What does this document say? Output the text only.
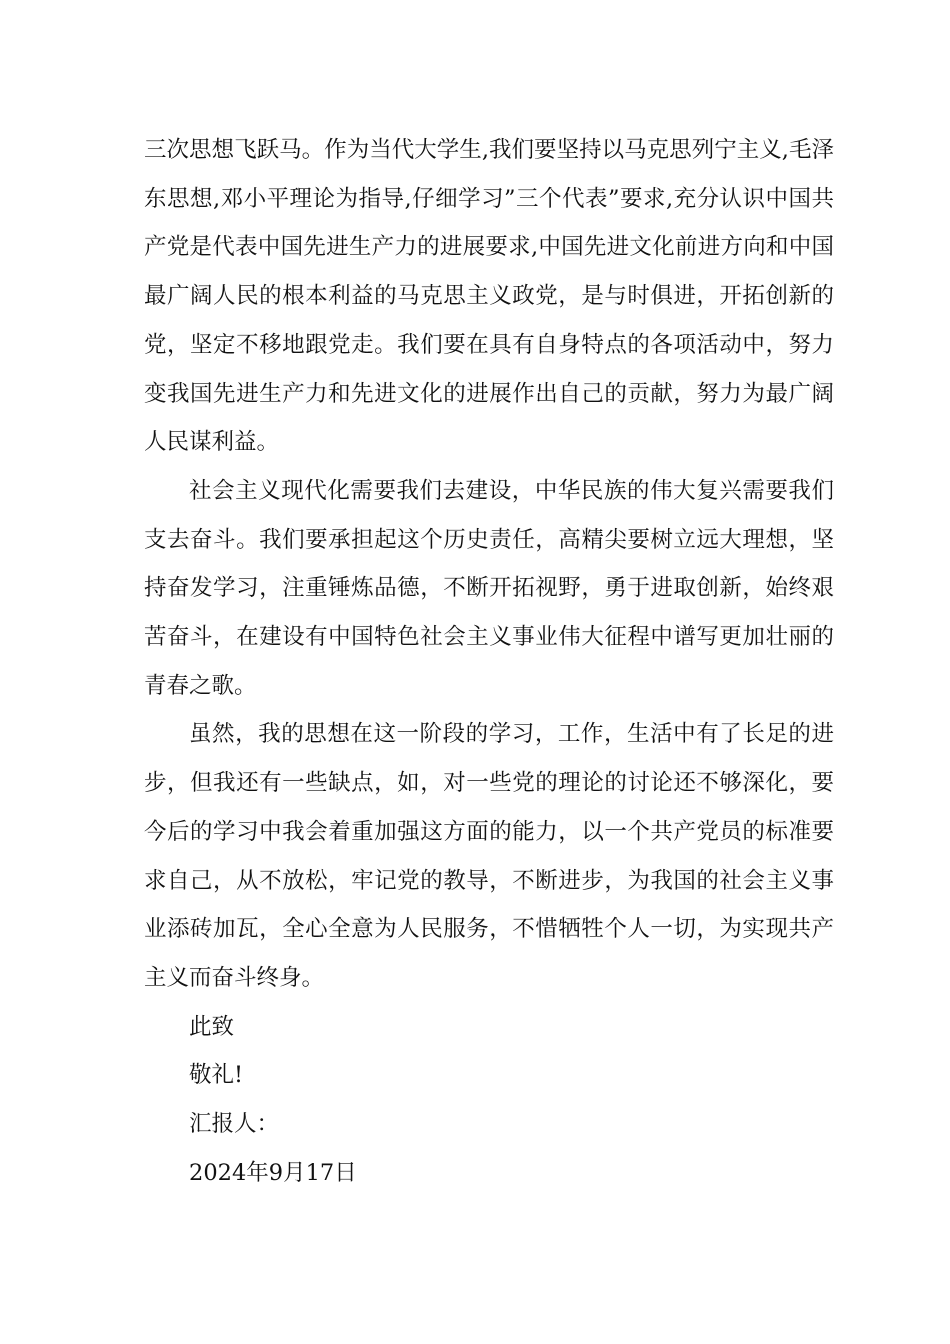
三次思想飞跃马。作为当代大学生,我们要坚持以马克思列宁主义,毛泽东思想,邓小平理论为指导,仔细学习”三个代表”要求,充分认识中国共产党是代表中国先进生产力的进展要求,中国先进文化前进方向和中国最广阔人民的根本利益的马克思主义政党，是与时俱进，开拓创新的党，坚定不移地跟党走。我们要在具有自身特点的各项活动中，努力变我国先进生产力和先进文化的进展作出自己的贡献，努力为最广阔人民谋利益。

社会主义现代化需要我们去建设，中华民族的伟大复兴需要我们支去奋斗。我们要承担起这个历史责任，高精尖要树立远大理想，坚持奋发学习，注重锤炼品德，不断开拓视野，勇于进取创新，始终艰苦奋斗，在建设有中国特色社会主义事业伟大征程中谱写更加壮丽的青春之歌。

虽然，我的思想在这一阶段的学习，工作，生活中有了长足的进步，但我还有一些缺点，如，对一些党的理论的讨论还不够深化，要今后的学习中我会着重加强这方面的能力，以一个共产党员的标准要求自己，从不放松，牢记党的教导，不断进步，为我国的社会主义事业添砖加瓦，全心全意为人民服务，不惜牺牲个人一切，为实现共产主义而奋斗终身。

此致

敬礼!

汇报人：

2024年9月17日
